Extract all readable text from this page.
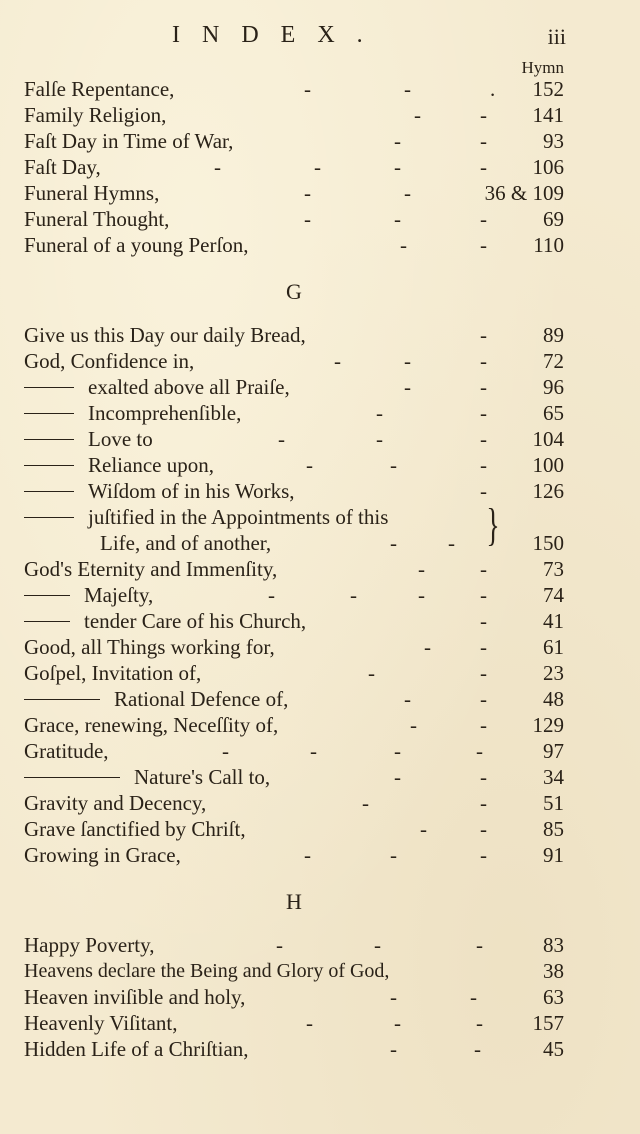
INDEX.	iii
Hymn
Falſe Repentance,	-	-	. 152
Family Religion,	-	- 141
Faſt Day in Time of War,	-	-	93
Faſt Day,	-	-	-	- 106
Funeral Hymns,	-	-	36 & 109
Funeral Thought,	-	-	-	69
Funeral of a young Perſon,	-	- 110
G
Give us this Day our daily Bread,	-	89
God, Confidence in,	-	-	-	72
exalted above all Praiſe,	-	-	96
Incomprehenſible,	-	-	65
Love to	-	-	- 104
Reliance upon,	-	-	- 100
Wiſdom of in his Works,	- 126
juſtified in the Appointments of this }
Life, and of another,	- -	150
God's Eternity and Immenſity,	-	-	73
Majeſty,	-	-	-	-	74
tender Care of his Church,	-	41
Good, all Things working for,	- -	61
Goſpel, Invitation of,	-	-	23
Rational Defence of,	-	-	48
Grace, renewing, Neceſſity of,	-	- 129
Gratitude,	-	-	-	-	97
Nature's Call to,	-	-	34
Gravity and Decency,	-	-	51
Grave ſanctified by Chriſt,	-	-	85
Growing in Grace,	-	-	-	91
H
Happy Poverty,	-	-	-	83
Heavens declare the Being and Glory of God,	38
Heaven inviſible and holy,	-	-	63
Heavenly Viſitant,	-	-	- 157
Hidden Life of a Chriſtian,	-	-	45
